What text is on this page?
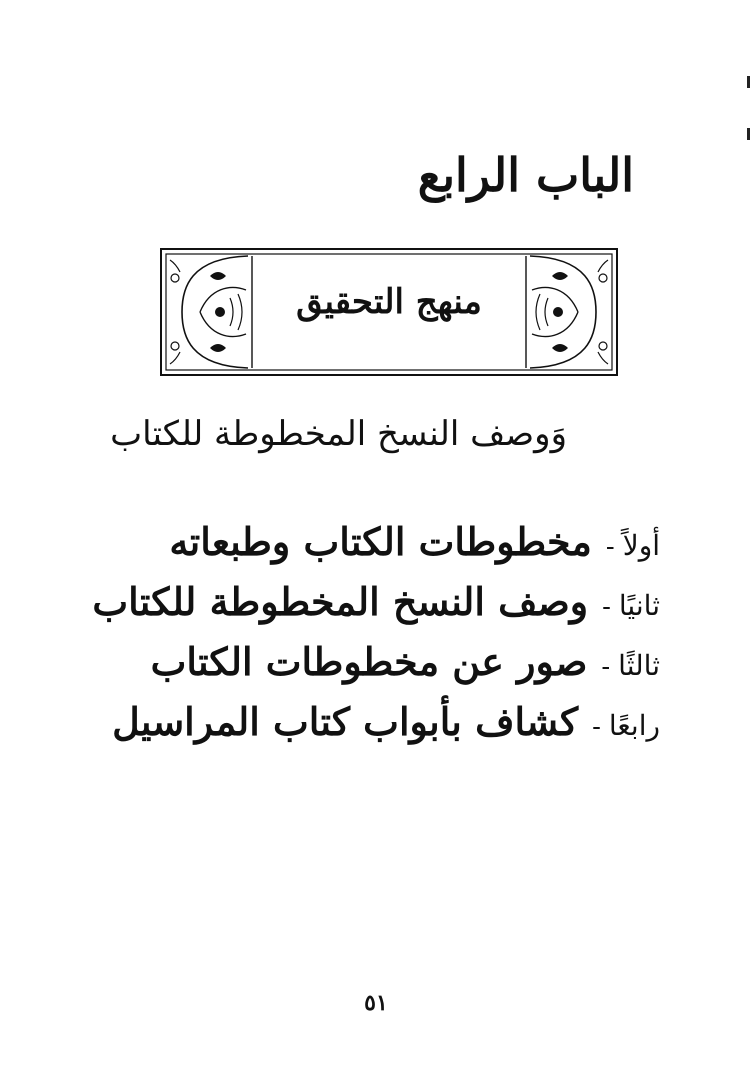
الباب الرابع
منهج التحقيق
وَوصف النسخ المخطوطة للكتاب
أولاً
-
مخطوطات الكتاب وطبعاته
ثانيًا
-
وصف النسخ المخطوطة للكتاب
ثالثًا
-
صور عن مخطوطات الكتاب
رابعًا
-
كشاف بأبواب كتاب المراسيل
٥١
